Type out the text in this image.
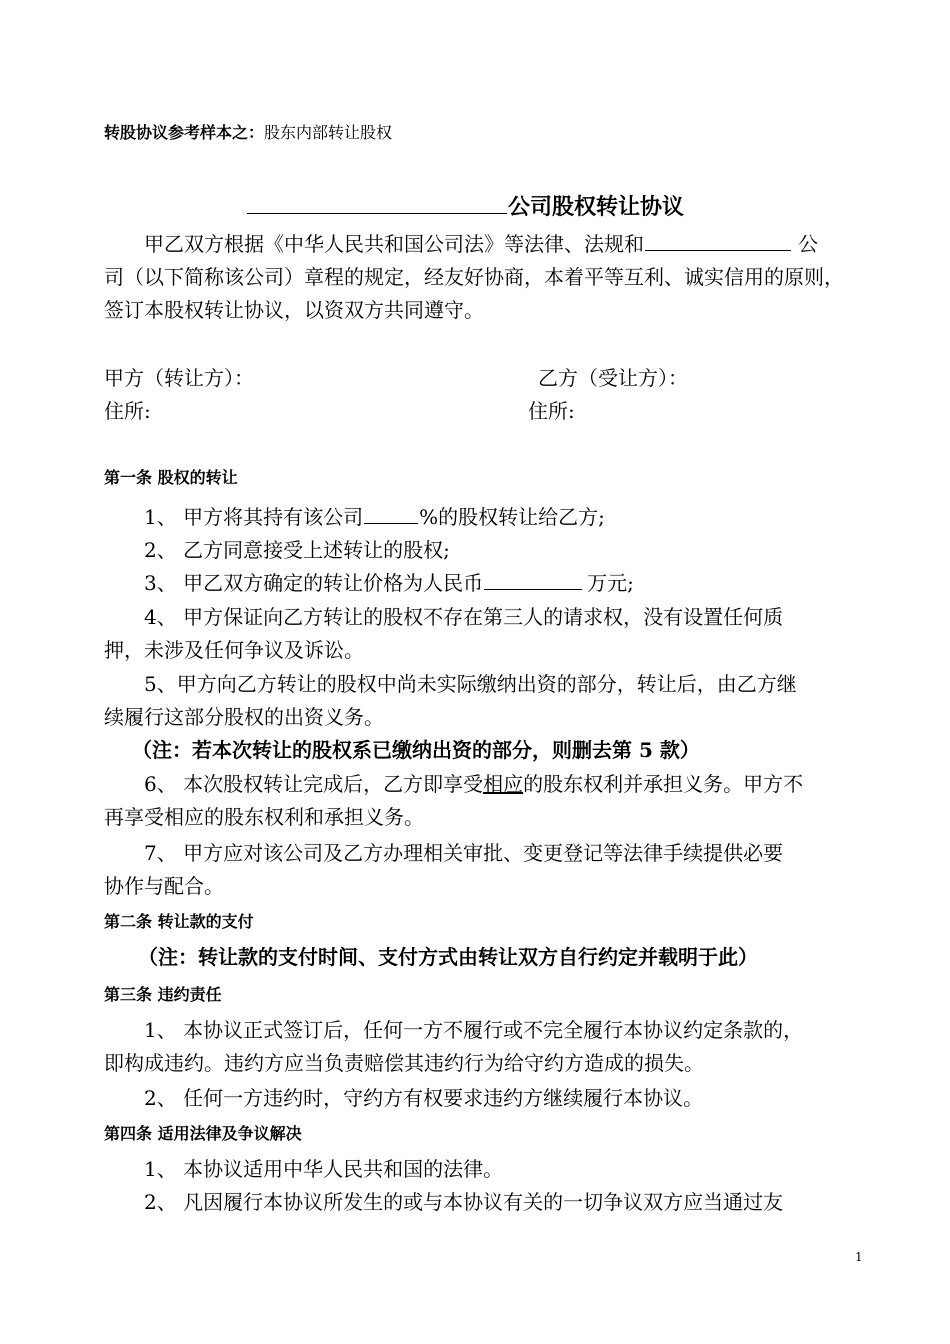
转股协议参考样本之：股东内部转让股权
公司股权转让协议
甲乙双方根据《中华人民共和国公司法》等法律、法规和	公
司（以下简称该公司）章程的规定，经友好协商，本着平等互利、诚实信用的原则，
签订本股权转让协议，以资双方共同遵守。
甲方（转让方）：	乙方（受让方）：
住所:	住所:
第一条 股权的转让
1、 甲方将其持有该公司	%的股权转让给乙方;
2、 乙方同意接受上述转让的股权;
3、 甲乙双方确定的转让价格为人民币	万元;
4、 甲方保证向乙方转让的股权不存在第三人的请求权，没有设置任何质
押，未涉及任何争议及诉讼。
5、甲方向乙方转让的股权中尚未实际缴纳出资的部分，转让后，由乙方继
续履行这部分股权的出资义务。
（注：若本次转让的股权系已缴纳出资的部分，则删去第 5 款）
6、 本次股权转让完成后，乙方即享受相应的股东权利并承担义务。甲方不
再享受相应的股东权利和承担义务。
7、 甲方应对该公司及乙方办理相关审批、变更登记等法律手续提供必要
协作与配合。
第二条 转让款的支付
（注：转让款的支付时间、支付方式由转让双方自行约定并载明于此）
第三条 违约责任
1、 本协议正式签订后，任何一方不履行或不完全履行本协议约定条款的，
即构成违约。违约方应当负责赔偿其违约行为给守约方造成的损失。
2、 任何一方违约时，守约方有权要求违约方继续履行本协议。
第四条 适用法律及争议解决
1、 本协议适用中华人民共和国的法律。
2、 凡因履行本协议所发生的或与本协议有关的一切争议双方应当通过友
1
